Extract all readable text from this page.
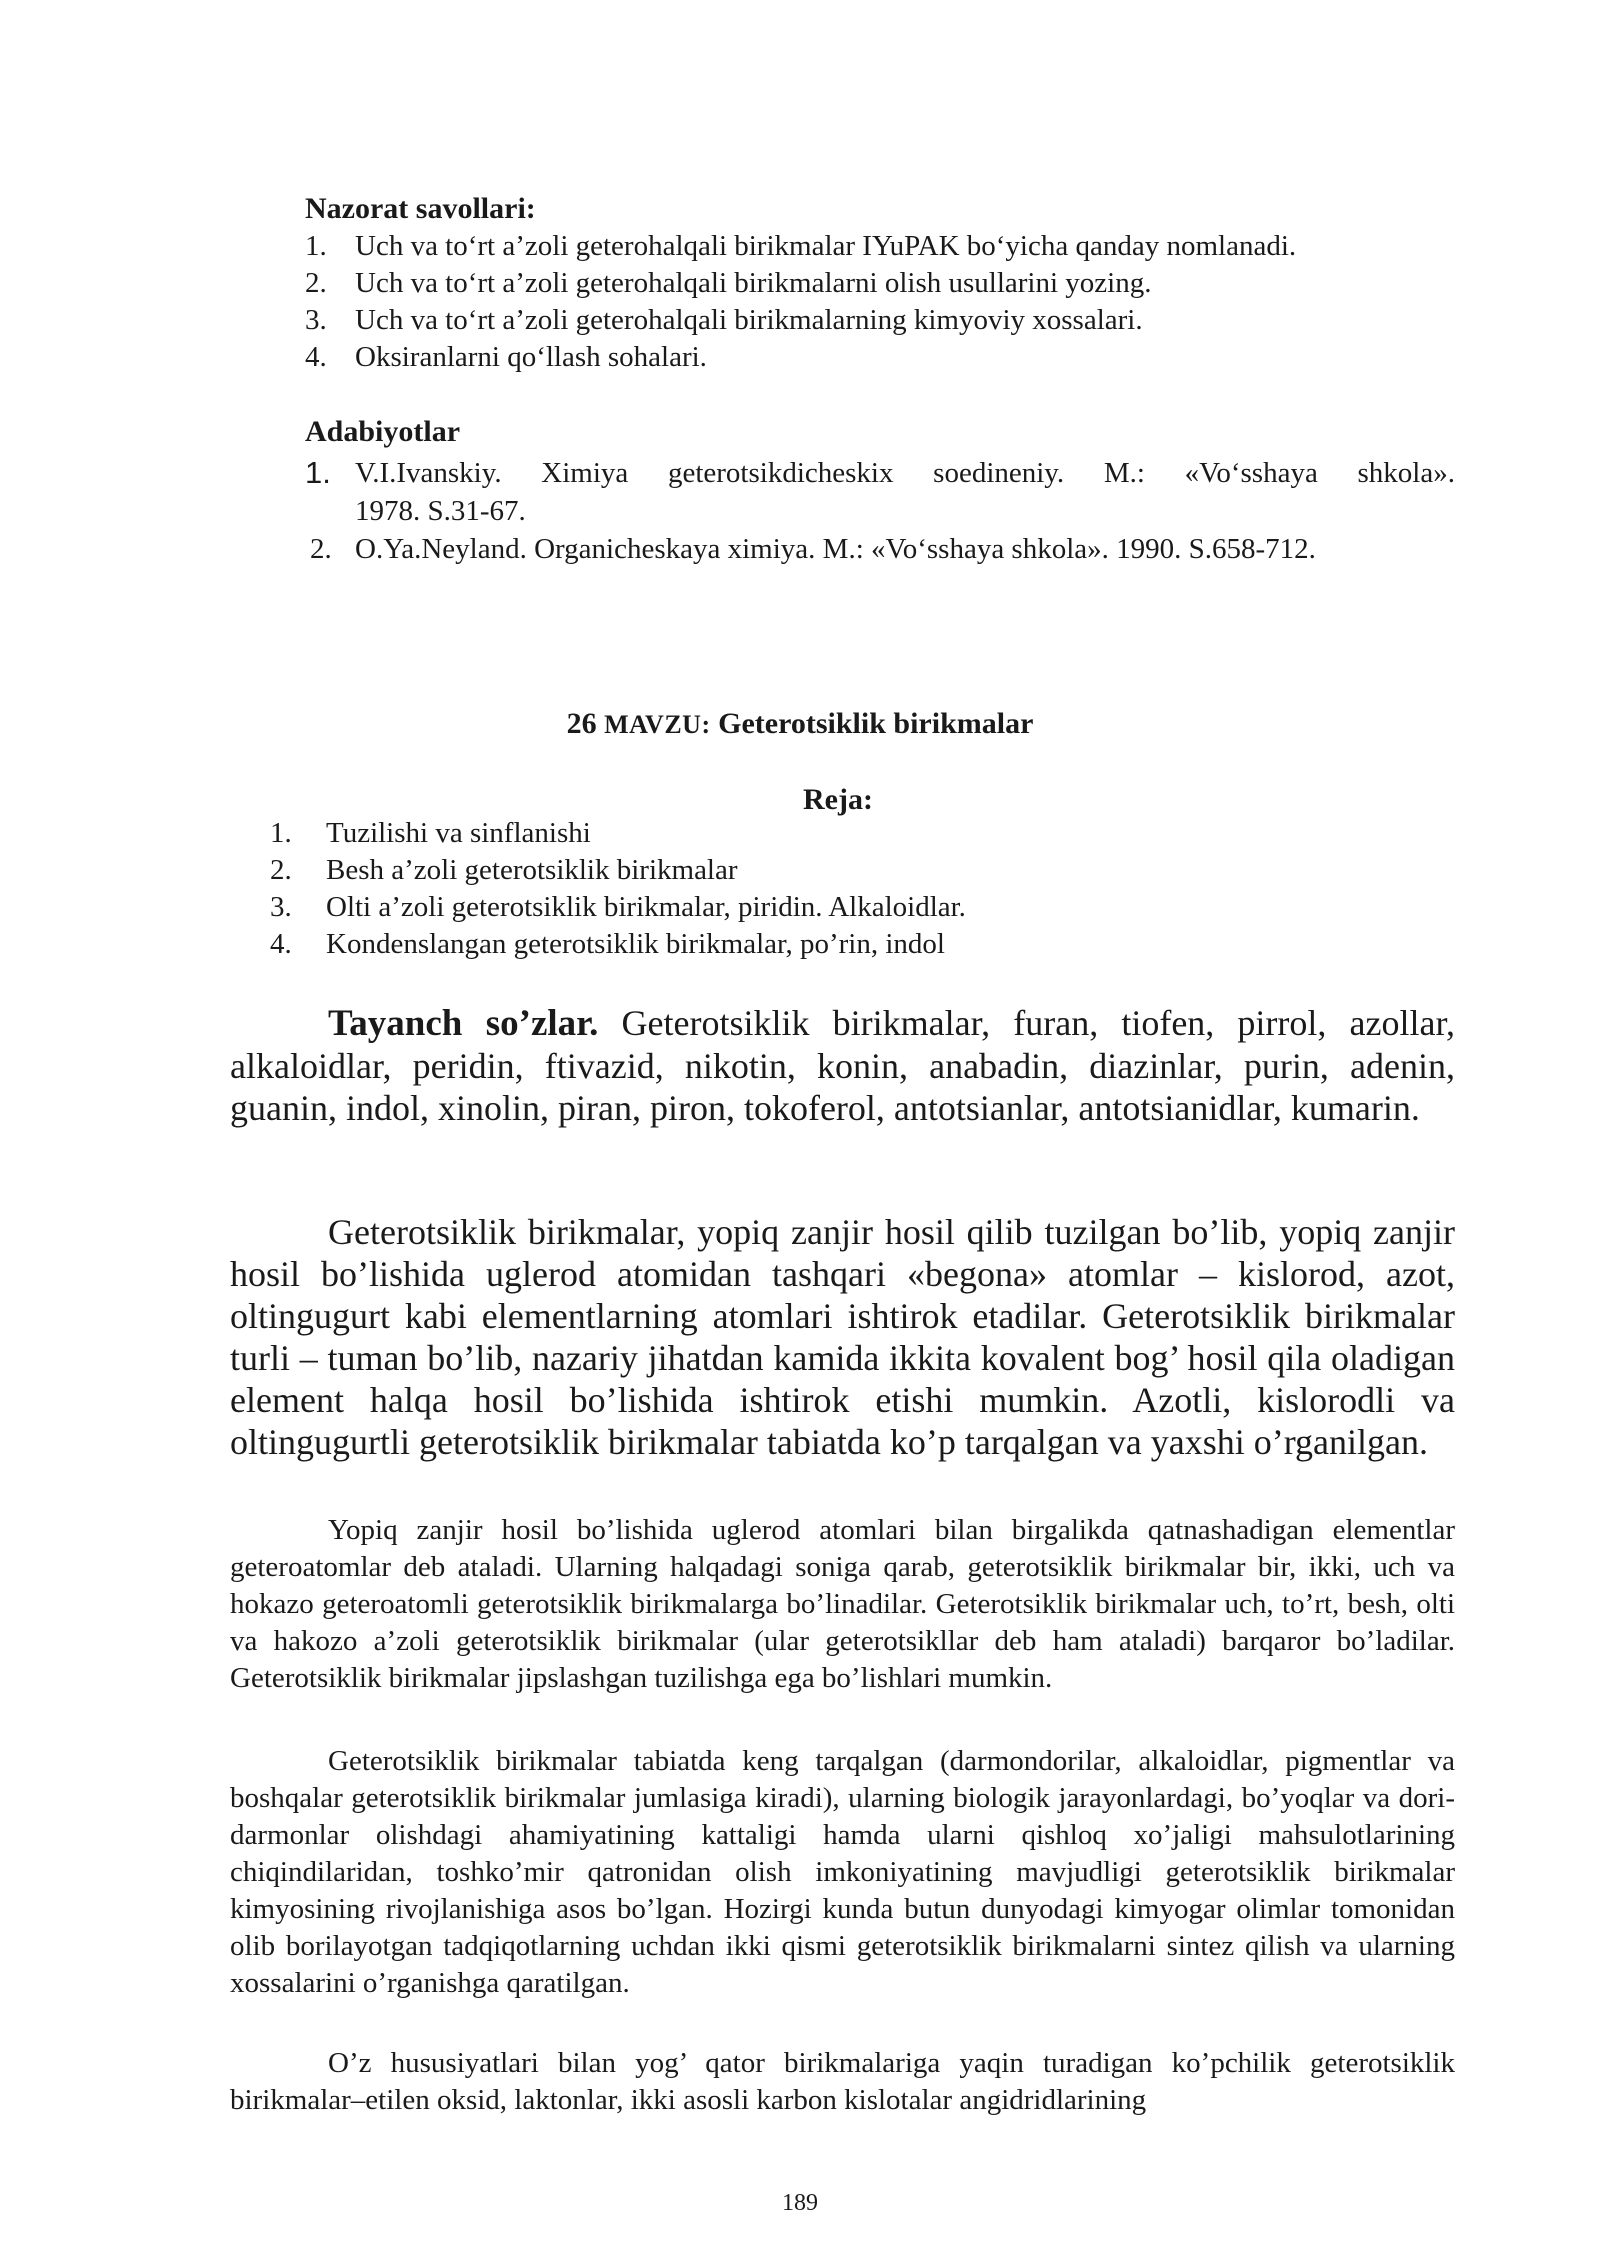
Nazorat savollari:
1. Uch va to‘rt a’zoli geterohalqali birikmalar IYuPAK bo‘yicha qanday nomlanadi.
2. Uch va to‘rt a’zoli geterohalqali birikmalarni olish usullarini yozing.
3. Uch va to‘rt a’zoli geterohalqali birikmalarning kimyoviy xossalari.
4. Oksiranlarni qo‘llash sohalari.
Adabiyotlar
1. V.I.Ivanskiy. Ximiya geterotsikdicheskix soedineniy. M.: «Vo‘sshaya shkola».
1978. S.31-67.
2. O.Ya.Neyland. Organicheskaya ximiya. M.: «Vo‘sshaya shkola». 1990. S.658-712.
26 MAVZU: Geterotsiklik birikmalar
Reja:
1.	Tuzilishi va sinflanishi
2.	Besh a’zoli geterotsiklik birikmalar
3.	Olti a’zoli geterotsiklik birikmalar, piridin. Alkaloidlar.
4.	Kondenslangan geterotsiklik birikmalar, po’rin, indol

Tayanch so’zlar. Geterotsiklik birikmalar, furan, tiofen, pirrol, azollar, alkaloidlar, peridin, ftivazid, nikotin, konin, anabadin, diazinlar, purin, adenin, guanin, indol, xinolin, piran, piron, tokoferol, antotsianlar, antotsianidlar, kumarin.

Geterotsiklik birikmalar, yopiq zanjir hosil qilib tuzilgan bo’lib, yopiq zanjir hosil bo’lishida uglerod atomidan tashqari «begona» atomlar – kislorod, azot, oltingugurt kabi elementlarning atomlari ishtirok etadilar. Geterotsiklik birikmalar turli – tuman bo’lib, nazariy jihatdan kamida ikkita kovalent bog’ hosil qila oladigan element halqa hosil bo’lishida ishtirok etishi mumkin. Azotli, kislorodli va oltingugurtli geterotsiklik birikmalar tabiatda ko’p tarqalgan va yaxshi o’rganilgan.

Yopiq zanjir hosil bo’lishida uglerod atomlari bilan birgalikda qatnashadigan elementlar geteroatomlar deb ataladi. Ularning halqadagi soniga qarab, geterotsiklik birikmalar bir, ikki, uch va hokazo geteroatomli geterotsiklik birikmalarga bo’linadilar. Geterotsiklik birikmalar uch, to’rt, besh, olti va hakozo a’zoli geterotsiklik birikmalar (ular geterotsikllar deb ham ataladi) barqaror bo’ladilar. Geterotsiklik birikmalar jipslashgan tuzilishga ega bo’lishlari mumkin.

Geterotsiklik birikmalar tabiatda keng tarqalgan (darmondorilar, alkaloidlar, pigmentlar va boshqalar geterotsiklik birikmalar jumlasiga kiradi), ularning biologik jarayonlardagi, bo’yoqlar va dori-darmonlar olishdagi ahamiyatining kattaligi hamda ularni qishloq xo’jaligi mahsulotlarining chiqindilaridan, toshko’mir qatronidan olish imkoniyatining mavjudligi geterotsiklik birikmalar kimyosining rivojlanishiga asos bo’lgan. Hozirgi kunda butun dunyodagi kimyogar olimlar tomonidan olib borilayotgan tadqiqotlarning uchdan ikki qismi geterotsiklik birikmalarni sintez qilish va ularning xossalarini o’rganishga qaratilgan.

O’z hususiyatlari bilan yog’ qator birikmalariga yaqin turadigan ko’pchilik geterotsiklik birikmalar–etilen oksid, laktonlar, ikki asosli karbon kislotalar angidridlarining

189
